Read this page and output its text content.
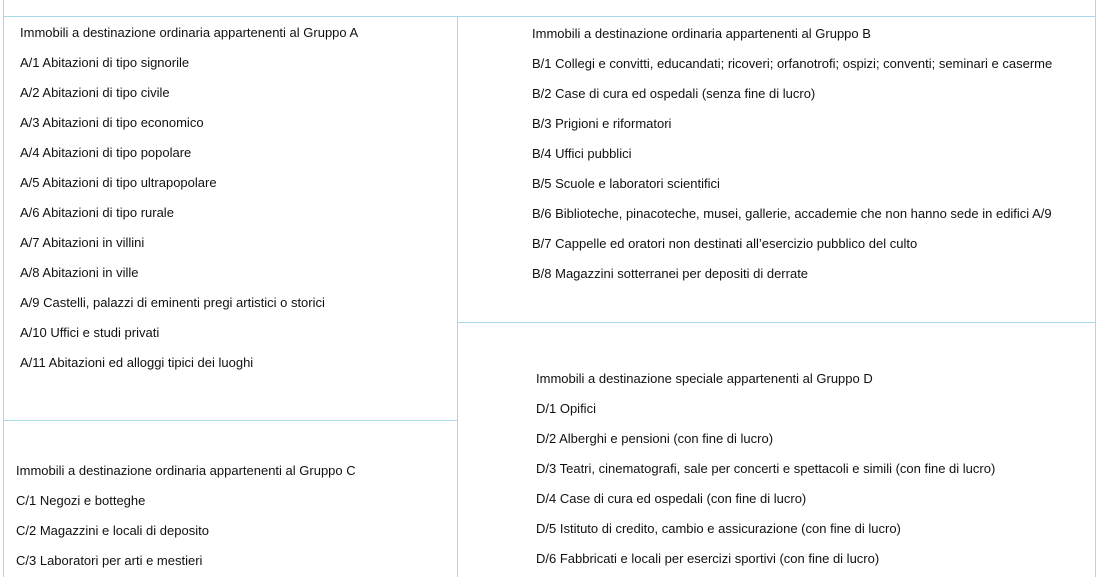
Immobili a destinazione ordinaria appartenenti al Gruppo A
A/1 Abitazioni di tipo signorile
A/2 Abitazioni di tipo civile
A/3 Abitazioni di tipo economico
A/4 Abitazioni di tipo popolare
A/5 Abitazioni di tipo ultrapopolare
A/6 Abitazioni di tipo rurale
A/7 Abitazioni in villini
A/8 Abitazioni in ville
A/9 Castelli, palazzi di eminenti pregi artistici o storici
A/10 Uffici e studi privati
A/11 Abitazioni ed alloggi tipici dei luoghi
Immobili a destinazione ordinaria appartenenti al Gruppo B
B/1 Collegi e convitti, educandati; ricoveri; orfanotrofi; ospizi; conventi; seminari e caserme
B/2 Case di cura ed ospedali (senza fine di lucro)
B/3 Prigioni e riformatori
B/4 Uffici pubblici
B/5 Scuole e laboratori scientifici
B/6 Biblioteche, pinacoteche, musei, gallerie, accademie che non hanno sede in edifici A/9
B/7 Cappelle ed oratori non destinati all’esercizio pubblico del culto
B/8 Magazzini sotterranei per depositi di derrate
Immobili a destinazione ordinaria appartenenti al Gruppo C
C/1 Negozi e botteghe
C/2 Magazzini e locali di deposito
C/3 Laboratori per arti e mestieri
Immobili a destinazione speciale appartenenti al Gruppo D
D/1 Opifici
D/2 Alberghi e pensioni (con fine di lucro)
D/3 Teatri, cinematografi, sale per concerti e spettacoli e simili (con fine di lucro)
D/4 Case di cura ed ospedali (con fine di lucro)
D/5 Istituto di credito, cambio e assicurazione (con fine di lucro)
D/6 Fabbricati e locali per esercizi sportivi (con fine di lucro)
